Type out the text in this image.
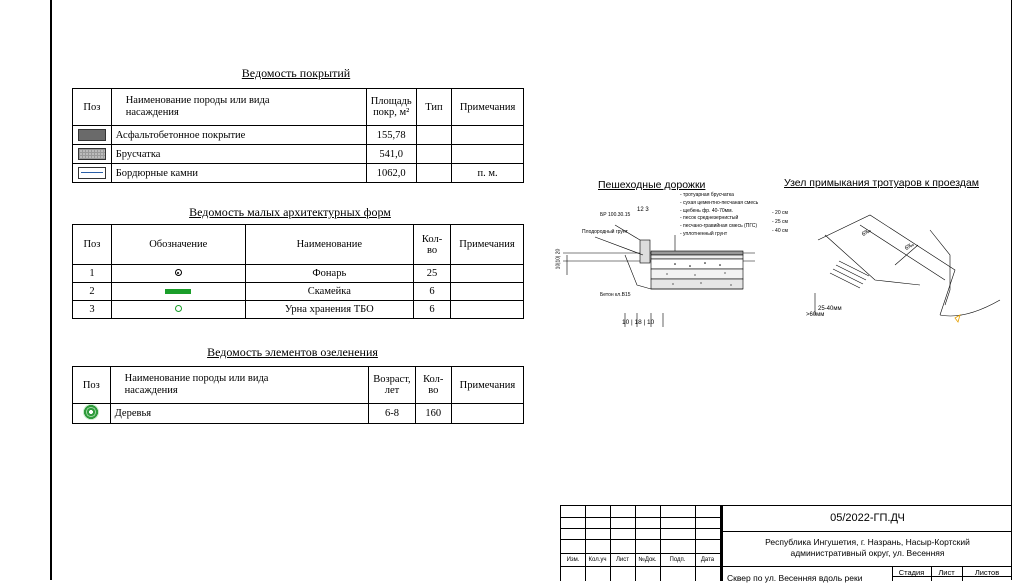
Ведомость покрытий
Поз	Наименование породы или вида насаждения	Площадь покр, м²	Тип	Примечания
	Асфальтобетонное покрытие	155,78		
	Брусчатка	541,0		
	Бордюрные камни	1062,0		п. м.
Ведомость малых архитектурных форм
Поз	Обозначение	Наименование	Кол-во	Примечания
1		Фонарь	25	
2		Скамейка	6	
3		Урна хранения ТБО	6	
Ведомость элементов озеленения
Поз	Наименование породы или вида насаждения	Возраст, лет	Кол-во	Примечания
	Деревья	6-8	160	
Пешеходные дорожки
БР 100.30.15
Плодородный грунт
Бетон кл.В15
12 3
10 | 18 | 10
10|10| 20
- тротуарная брусчатка
- сухая цементно-песчаная смесь
- щебень фр. 40-70мм.
- песок среднезернистый
- песчано-гравийная смесь (ПГС)
- уплотненный грунт
- 20 см
- 25 см
- 40 см
Узел примыкания тротуаров к проездам
6‰
6‰
25-40мм
>60мм
Изм.	Кол.уч	Лист	№Док.	Подп.	Дата
05/2022-ГП.ДЧ
Республика Ингушетия, г. Назрань, Насыр-Кортский
административный округ, ул. Весенняя
Сквер по ул. Весенняя вдоль реки
Стадия	Лист	Листов
